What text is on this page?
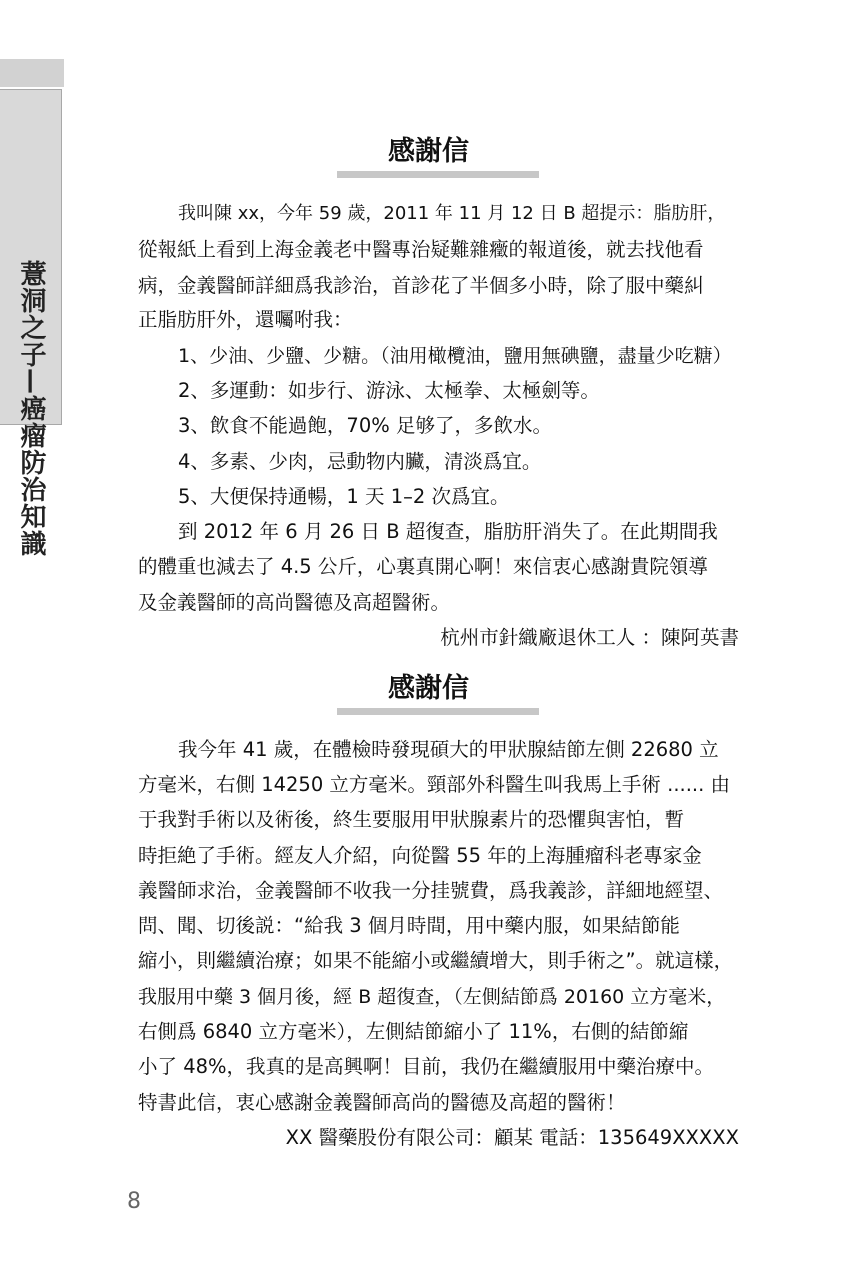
薏洞之子—癌瘤防治知識
感謝信
我叫陳 xx，今年 59 歲，2011 年 11 月 12 日 B 超提示：脂肪肝，
從報紙上看到上海金義老中醫專治疑難雜癥的報道後，就去找他看
病，金義醫師詳細爲我診治，首診花了半個多小時，除了服中藥糾
正脂肪肝外，還囑咐我：
1、少油、少鹽、少糖。（油用橄欖油，鹽用無碘鹽，盡量少吃糖）
2、多運動：如步行、游泳、太極拳、太極劍等。
3、飲食不能過飽，70% 足够了，多飲水。
4、多素、少肉，忌動物内臟，清淡爲宜。
5、大便保持通暢，1 天 1–2 次爲宜。
到 2012 年 6 月 26 日 B 超復查，脂肪肝消失了。在此期間我
的體重也減去了 4.5 公斤，心裏真開心啊！來信衷心感謝貴院領導
及金義醫師的高尚醫德及高超醫術。
杭州市針織廠退休工人 ：陳阿英書
感謝信
我今年 41 歲，在體檢時發現碩大的甲狀腺結節左側 22680 立
方毫米，右側 14250 立方毫米。頸部外科醫生叫我馬上手術 ...... 由
于我對手術以及術後，終生要服用甲狀腺素片的恐懼與害怕，暫
時拒絶了手術。經友人介紹，向從醫 55 年的上海腫瘤科老專家金
義醫師求治，金義醫師不收我一分挂號費，爲我義診，詳細地經望、
問、聞、切後説：“給我 3 個月時間，用中藥内服，如果結節能
縮小，則繼續治療；如果不能縮小或繼續增大，則手術之”。就這樣，
我服用中藥 3 個月後，經 B 超復查，（左側結節爲 20160 立方毫米，
右側爲 6840 立方毫米），左側結節縮小了 11%，右側的結節縮
小了 48%，我真的是高興啊！目前，我仍在繼續服用中藥治療中。
特書此信，衷心感謝金義醫師高尚的醫德及高超的醫術！
XX 醫藥股份有限公司：顧某 電話：135649XXXXX
8
